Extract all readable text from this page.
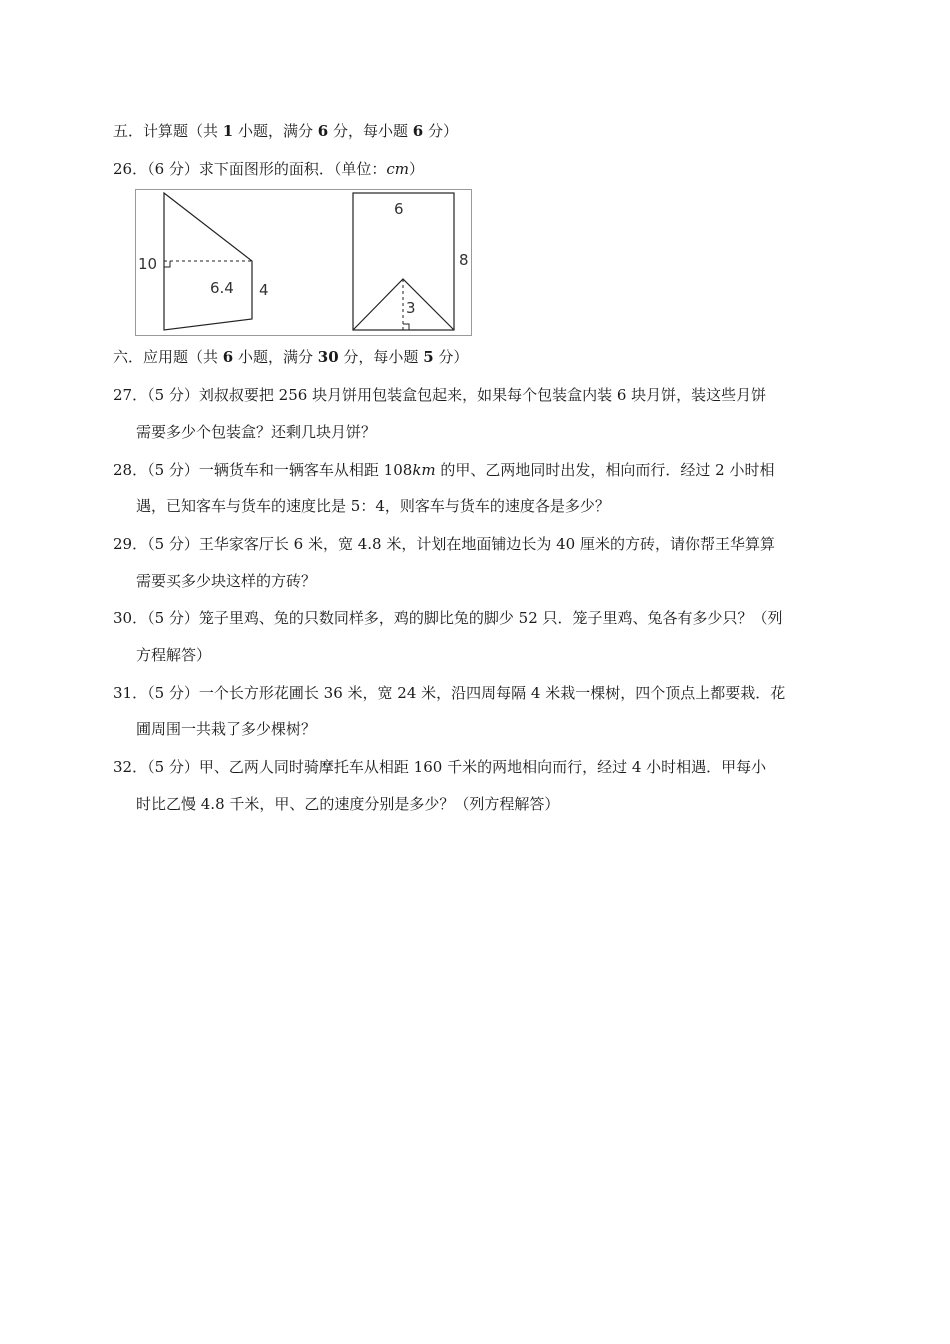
五．计算题（共 1 小题，满分 6 分，每小题 6 分）
26．（6 分）求下面图形的面积．（单位：cm）
10
6.4 4
6
8
3
六．应用题（共 6 小题，满分 30 分，每小题 5 分）
27．（5 分）刘叔叔要把 256 块月饼用包装盒包起来，如果每个包装盒内装 6 块月饼，装这些月饼
需要多少个包装盒？还剩几块月饼？
28．（5 分）一辆货车和一辆客车从相距 108km 的甲、乙两地同时出发，相向而行．经过 2 小时相
遇，已知客车与货车的速度比是 5：4，则客车与货车的速度各是多少？
29．（5 分）王华家客厅长 6 米，宽 4.8 米，计划在地面铺边长为 40 厘米的方砖，请你帮王华算算
需要买多少块这样的方砖？
30．（5 分）笼子里鸡、兔的只数同样多，鸡的脚比兔的脚少 52 只．笼子里鸡、兔各有多少只？（列
方程解答）
31．（5 分）一个长方形花圃长 36 米，宽 24 米，沿四周每隔 4 米栽一棵树，四个顶点上都要栽．花
圃周围一共栽了多少棵树？
32．（5 分）甲、乙两人同时骑摩托车从相距 160 千米的两地相向而行，经过 4 小时相遇．甲每小
时比乙慢 4.8 千米，甲、乙的速度分别是多少？（列方程解答）
